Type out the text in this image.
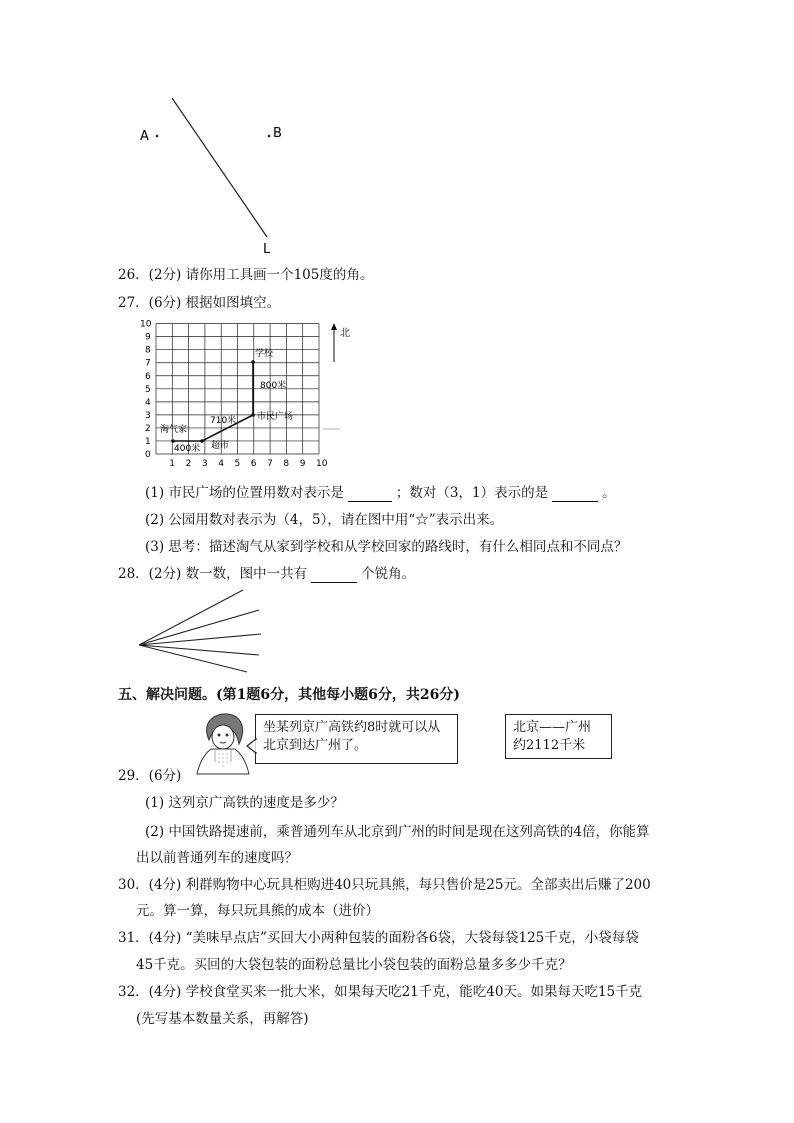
A	B
L
26．(2分) 请你用工具画一个105度的角。
27．(6分) 根据如图填空。
1 2 3 4 5 6 7 8 9 10
0
1
2
3
4
5
6
7
8
9
10
淘气家
超市
市民广场
学校
400米
710米
800米
北
(1) 市民广场的位置用数对表示是	；数对（3，1）表示的是	。
(2) 公园用数对表示为（4，5），请在图中用“☆”表示出来。
(3) 思考：描述淘气从家到学校和从学校回家的路线时，有什么相同点和不同点？
28．(2分) 数一数，图中一共有	个锐角。
五、解决问题。(第1题6分，其他每小题6分，共26分)
坐某列京广高铁约8时就可以从
北京到达广州了。
北京——广州
约2112千米
29．(6分)
(1) 这列京广高铁的速度是多少？
(2) 中国铁路提速前，乘普通列车从北京到广州的时间是现在这列高铁的4倍，你能算
出以前普通列车的速度吗？
30．(4分) 利群购物中心玩具柜购进40只玩具熊，每只售价是25元。全部卖出后赚了200
元。算一算，每只玩具熊的成本（进价）
31．(4分) “美味早点店”买回大小两种包装的面粉各6袋，大袋每袋125千克，小袋每袋
45千克。买回的大袋包装的面粉总量比小袋包装的面粉总量多多少千克？
32．(4分) 学校食堂买来一批大米，如果每天吃21千克，能吃40天。如果每天吃15千克
(先写基本数量关系，再解答)
